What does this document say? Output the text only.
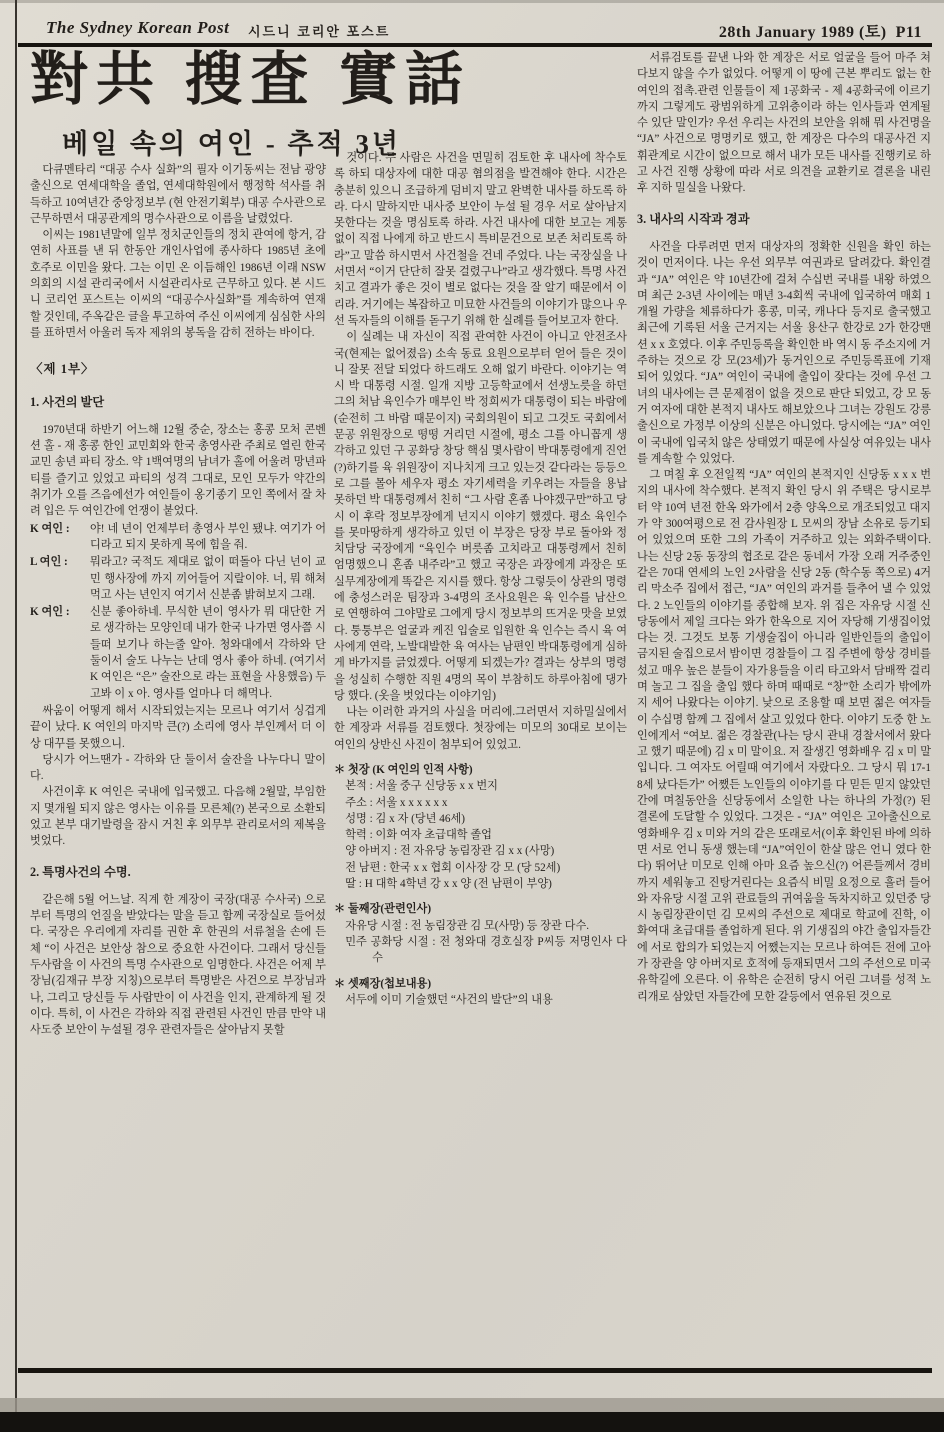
The Sydney Korean Post 시드니 코리안 포스트	28th January 1989 (토) P11
對共 搜査 實話
베일 속의 여인 - 추적 3년
다큐멘타리 “대공 수사 실화”의 필자 이기동씨는 전남 광양 출신으로 연세대학을 졸업, 연세대학원에서 행정학 석사를 취득하고 10여년간 중앙정보부 (현 안전기획부) 대공 수사관으로 근무하면서 대공관계의 명수사관으로 이름을 날렸었다.
이씨는 1981년말에 일부 정치군인들의 정치 관여에 항거, 감연히 사표를 낸 뒤 한동안 개인사업에 종사하다 1985년 초에 호주로 이민을 왔다. 그는 이민 온 이듬해인 1986년 이래 NSW의회의 시설 관리국에서 시설관리사로 근무하고 있다. 본 시드니 코리언 포스트는 이씨의 “대공수사실화”를 계속하여 연재할 것인데, 주옥같은 글을 투고하여 주신 이씨에게 심심한 사의를 표하면서 아울러 독자 제위의 봉독을 감히 전하는 바이다.
〈제 1부〉
1. 사건의 발단
1970년대 하반기 어느해 12월 중순, 장소는 홍콩 모처 콘벤션 홀 - 재 홍콩 한인 교민회와 한국 총영사관 주최로 열린 한국 교민 송년 파티 장소. 약 1백여명의 남녀가 홀에 어울려 망년파티를 즐기고 있었고 파티의 성격 그대로, 모인 모두가 약간의 취기가 오를 즈음에선가 여인들이 옹기종기 모인 쪽에서 잘 차려 입은 두 여인간에 언쟁이 붙었다.
K 여인 :	야! 네 년이 언제부터 총영사 부인 됐냐. 여기가 어디라고 되지 못하게 목에 힘을 줘.
L 여인 :	뭐라고? 국적도 제대로 없이 떠돌아 다닌 넌이 교민 행사장에 까지 끼어들어 지랄이야. 너, 뭐 해쳐먹고 사는 년인지 여기서 신분좀 밝혀보지 그래.
K 여인 :	신분 좋아하네. 무식한 년이 영사가 뭐 대단한 거로 생각하는 모양인데 내가 한국 나가면 영사쯤 시들떠 보기나 하는줄 알아. 청와대에서 각하와 단 둘이서 술도 나누는 난데 영사 좋아 하네. (여기서 K 여인은 “은” 술잔으로 라는 표현을 사용했음) 두고봐 이 x 아. 영사를 얼마나 더 해먹나.
싸움이 어떻게 해서 시작되었는지는 모르나 여기서 싱겁게 끝이 났다. K 여인의 마지막 큰(?) 소리에 영사 부인께서 더 이상 대꾸를 못했으니.
당시가 어느땐가 - 각하와 단 둘이서 술잔을 나누다니 말이다.
사건이후 K 여인은 국내에 입국했고. 다음해 2월말, 부임한 지 몇개월 되지 않은 영사는 이유를 모른체(?) 본국으로 소환되었고 본부 대기발령을 잠시 거친 후 외무부 관리로서의 제복을 벗었다.
2. 특명사건의 수명.
같은해 5월 어느날. 직계 한 계장이 국장(대공 수사국) 으로부터 특명의 언질을 받았다는 말을 듣고 함께 국장실로 들어섰다. 국장은 우리에게 자리를 권한 후 한권의 서류철을 손에 든 체 “이 사건은 보안상 참으로 중요한 사건이다. 그래서 당신들 두사람을 이 사건의 특명 수사관으로 임명한다. 사건은 어제 부장님(김재규 부장 지칭)으로부터 특명받은 사건으로 부장님과 나, 그리고 당신들 두 사람만이 이 사건을 인지, 관계하게 될 것이다. 특히, 이 사건은 각하와 직접 관련된 사건인 만큼 만약 내사도중 보안이 누설될 경우 관련자들은 살아남지 못할
것이다. 두 사람은 사건을 면밀히 검토한 후 내사에 착수토록 하되 대상자에 대한 대공 혐의점을 발견해야 한다. 시간은 충분히 있으니 조급하게 덤비지 말고 완벽한 내사를 하도록 하라. 다시 말하지만 내사중 보안이 누설 될 경우 서로 살아남지 못한다는 것을 명심토록 하라. 사건 내사에 대한 보고는 계통없이 직접 나에게 하고 반드시 특비문건으로 보존 처리토록 하라”고 말씀 하시면서 사건철을 건네 주었다. 나는 국장실을 나서면서 “이거 단단히 잘못 걸렸구나”라고 생각했다. 특명 사건치고 결과가 좋은 것이 별로 없다는 것을 잘 알기 때문에서 이리라. 거기에는 복잡하고 미묘한 사건들의 이야기가 많으나 우선 독자들의 이해를 돋구기 위해 한 실례를 들어보고자 한다.
이 실례는 내 자신이 직접 관여한 사건이 아니고 안전조사국(현제는 없어졌음) 소속 동료 요원으로부터 얻어 들은 것이니 잘못 전달 되었다 하드래도 오해 없기 바란다. 이야기는 역시 박 대통령 시절. 일개 지방 고등학교에서 선생노릇을 하던 그의 처남 육인수가 매부인 박 정희씨가 대통령이 되는 바람에 (순전히 그 바람 때문이지) 국회의원이 되고 그것도 국회에서 문공 위원장으로 떵떵 거리던 시절에, 평소 그를 아니꼽게 생각하고 있던 구 공화당 창당 핵심 몇사람이 박대통령에게 진언(?)하기를 육 위원장이 지나치게 크고 있는것 같다라는 등등으로 그를 몰아 세우자 평소 자기세력을 키우려는 자들을 용납 못하던 박 대통령께서 친히 “그 사람 혼좀 나야겠구만”하고 당시 이 후락 정보부장에게 넌지시 이야기 했겠다. 평소 육인수를 못마땅하게 생각하고 있던 이 부장은 당장 부로 돌아와 정치담당 국장에게 “육인수 버릇좀 고치라고 대통령께서 친히 엄명했으니 혼좀 내주라”고 했고 국장은 과장에게 과장은 또 실무계장에게 똑같은 지시를 했다. 항상 그렇듯이 상관의 명령에 충성스러운 팀장과 3-4명의 조사요원은 육 인수를 남산으로 연행하여 그야말로 그에게 당시 정보부의 뜨거운 맛을 보였다. 퉁퉁부은 얼굴과 케진 입술로 입원한 육 인수는 즉시 육 여사에게 연락, 노발대발한 육 여사는 남편인 박대통령에게 심하게 바가지를 긁었겠다. 어떻게 되겠는가? 결과는 상부의 명령을 성실히 수행한 직원 4명의 목이 부참히도 하루아침에 댕가당 했다. (옷을 벗었다는 이야기임)
나는 이러한 과거의 사실을 머리에.그러면서 지하밀실에서 한 계장과 서류를 검토했다. 첫장에는 미모의 30대로 보이는 여인의 상반신 사진이 첨부되어 있었고.
＊ 첫장 (K 여인의 인적 사항)
본적 : 서울 중구 신당동 x x 번지
주소 : 서울 x x x x x x
성명 : 김 x 자 (당년 46세)
학력 : 이화 여자 초급대학 졸업
양 아버지 : 전 자유당 농림장관 김 x x (사망)
전 남편 : 한국 x x 협회 이사장 강 모 (당 52세)
딸 : H 대학 4학년 강 x x 양 (전 남편이 부양)
＊ 둘째장(관련인사)
자유당 시절 : 전 농림장관 김 모(사망) 등 장관 다수.
민주 공화당 시절 : 전 청와대 경호실장 P씨등 저명인사 다수
＊ 셋째장(첩보내용)
서두에 이미 기술했던 “사건의 발단”의 내용
서류검토를 끝낸 나와 한 계장은 서로 얼굴을 들어 마주 쳐다보지 않을 수가 없었다. 어떻게 이 땅에 근본 뿌리도 없는 한 여인의 접촉.관련 인물들이 제 1공화국 - 제 4공화국에 이르기까지 그렇게도 광범위하게 고위층이라 하는 인사들과 연계될 수 있단 말인가? 우선 우리는 사건의 보안을 위해 뭐 사건명을 “JA” 사건으로 명명키로 했고, 한 계장은 다수의 대공사건 지휘관계로 시간이 없으므로 해서 내가 모든 내사를 진행키로 하고 사건 진행 상황에 따라 서로 의견을 교환키로 결론을 내린 후 지하 밀실을 나왔다.
3. 내사의 시작과 경과
사건을 다루려면 먼저 대상자의 정확한 신원을 확인 하는 것이 먼저이다. 나는 우선 외무부 여권과로 달려갔다. 확인결과 “JA” 여인은 약 10년간에 걸쳐 수십번 국내를 내왕 하였으며 최근 2-3년 사이에는 매년 3-4회씩 국내에 입국하여 매회 1개월 가량을 체류하다가 홍콩, 미국, 캐나다 등지로 출국했고 최근에 기록된 서울 근거지는 서울 용산구 한강로 2가 한강맨션 x x 호였다. 이후 주민등록을 확인한 바 역시 동 주소지에 거주하는 것으로 강 모(23세)가 동거인으로 주민등록표에 기재되어 있었다. “JA” 여인이 국내에 출입이 잦다는 것에 우선 그녀의 내사에는 큰 문제점이 없을 것으로 판단 되었고, 강 모 동거 여자에 대한 본적지 내사도 해보았으나 그녀는 강원도 강릉 출신으로 가정부 이상의 신분은 아니었다. 당시에는 “JA” 여인이 국내에 입국치 않은 상태였기 때문에 사실상 여유있는 내사를 계속할 수 있었다.
그 며칠 후 오전일찍 “JA” 여인의 본적지인 신당동 x x x 번지의 내사에 착수했다. 본적지 확인 당시 위 주택은 당시로부터 약 10여 년전 한옥 와가에서 2층 양옥으로 개조되었고 대지가 약 300여평으로 전 감사원장 L 모씨의 장남 소유로 등기되어 있었으며 또한 그의 가족이 거주하고 있는 외화주택이다. 나는 신당 2동 동장의 협조로 같은 동네서 가장 오래 거주중인 같은 70대 연세의 노인 2사람을 신당 2동 (학수동 쪽으로) 4거리 막소주 집에서 접근, “JA” 여인의 과거를 들추어 낼 수 있었다. 2 노인들의 이야기를 종합해 보자. 위 집은 자유당 시절 신당동에서 제일 크다는 와가 한옥으로 지어 자당해 기생집이었다는 것. 그것도 보통 기생술집이 아니라 일반인들의 출입이 금지된 술집으로서 밤이면 경찰들이 그 집 주변에 항상 경비를 섰고 매우 높은 분들이 자가용들을 이리 타고와서 담배짝 걸리며 놀고 그 집을 출입 했다 하며 때때로 “창”한 소리가 밖에까지 세어 나왔다는 이야기. 낮으로 조용할 때 보면 젊은 여자들이 수십명 함께 그 집에서 살고 있었다 한다. 이야기 도중 한 노인에게서 “여보. 젊은 경찰관(나는 당시 관내 경찰서에서 왔다고 했기 때문에) 김 x 미 말이요. 저 잘생긴 영화배우 김 x 미 말입니다. 그 여자도 어릴때 여기에서 자랐다오. 그 당시 뭐 17-18세 났다든가” 어쨌든 노인들의 이야기를 다 믿든 믿지 않았던 간에 며칠동안을 신당동에서 소일한 나는 하나의 가정(?) 된 결론에 도달할 수 있었다. 그것은 - “JA” 여인은 고아출신으로 영화배우 김 x 미와 거의 같은 또래로서(이후 확인된 바에 의하면 서로 언니 동생 했는데 “JA”여인이 한살 많은 언니 였다 한다) 뛰어난 미모로 인해 아마 요즘 높으신(?) 어른들께서 경비까지 세워놓고 진탕거린다는 요즘식 비밀 요정으로 흘러 들어와 자유당 시절 고위 관료들의 귀여움을 독차지하고 있던중 당시 농림장관이던 김 모씨의 주선으로 제대로 학교에 진학, 이화여대 초급대를 졸업하게 된다. 위 기생집의 야간 출입자들간에 서로 합의가 되었는지 어쨌는지는 모르나 하여든 전에 고아가 장관을 양 아버지로 호적에 등재되면서 그의 주선으로 미국 유학길에 오른다. 이 유학은 순전히 당시 어린 그녀를 성적 노리개로 삼았던 자들간에 모한 갈등에서 연유된 것으로
